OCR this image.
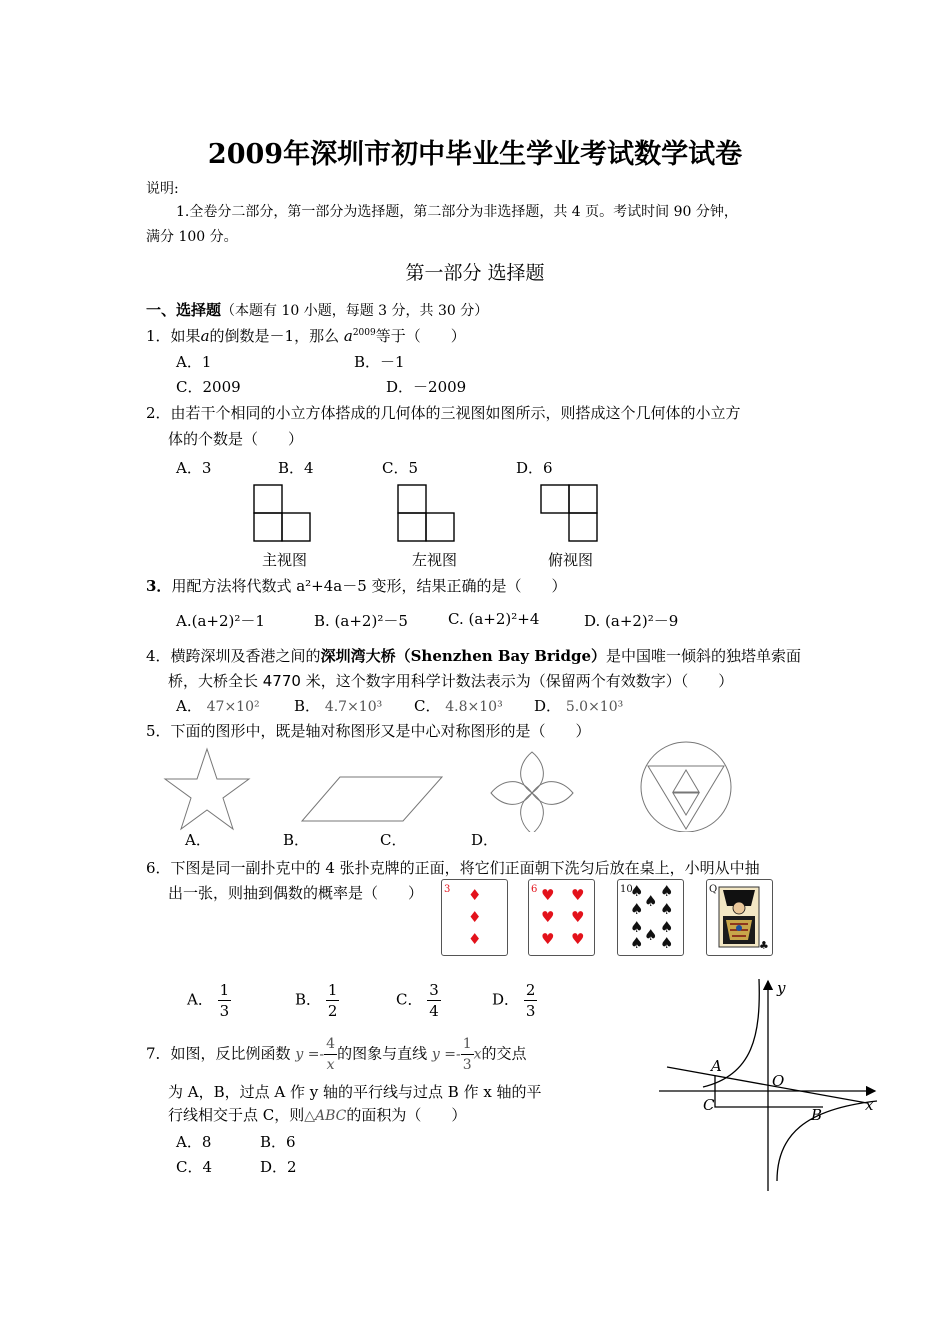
2009年深圳市初中毕业生学业考试数学试卷
说明:
1.全卷分二部分，第一部分为选择题，第二部分为非选择题，共 4 页。考试时间 90 分钟，
满分 100 分。
第一部分 选择题
一、选择题（本题有 10 小题，每题 3 分，共 30 分）
1．如果a的倒数是－1，那么 $a^{2009}$等于（　　）
A．1	B．－1
C．2009	D．－2009
2．由若干个相同的小立方体搭成的几何体的三视图如图所示，则搭成这个几何体的小立方
体的个数是（　　）
A．3	B．4	C．5	D．6
主视图	左视图	俯视图
3．用配方法将代数式 a²+4a－5 变形，结果正确的是（　　）
A.(a+2)²－1	B. (a+2)²－5	C. (a+2)²+4	D. (a+2)²－9
4．横跨深圳及香港之间的深圳湾大桥（Shenzhen Bay Bridge）是中国唯一倾斜的独塔单索面
桥，大桥全长 4770 米，这个数字用科学计数法表示为（保留两个有效数字）（　　）
A． 47×10² B． 4.7×10³ C． 4.8×10³ D． 5.0×10³
5．下面的图形中，既是轴对称图形又是中心对称图形的是（　　）
A．	B．	C．	D．
6．下图是同一副扑克中的 4 张扑克牌的正面，将它们正面朝下洗匀后放在桌上，小明从中抽
出一张，则抽到偶数的概率是（　　） 3 ♦
♦
♦
6 ♥ ♥
♥ ♥
♥ ♥
10
♠
♠
♠
♠ ♠
♠ ♠
♠ ♠ ♠
Q
♣
A． $\frac{1}{3}$	B． $\frac{1}{2}$	C． $\frac{3}{4}$	D． $\frac{2}{3}$
7．如图，反比例函数 $y =- \frac{4}{x}$ 的图象与直线 $y =- \frac{1}{3}$ x的交点
为 A，B，过点 A 作 y 轴的平行线与过点 B 作 x 轴的平
行线相交于点 C，则△ABC的面积为（　　）
A．8	B．6
C．4	D．2
y
x
O
A
B
C
